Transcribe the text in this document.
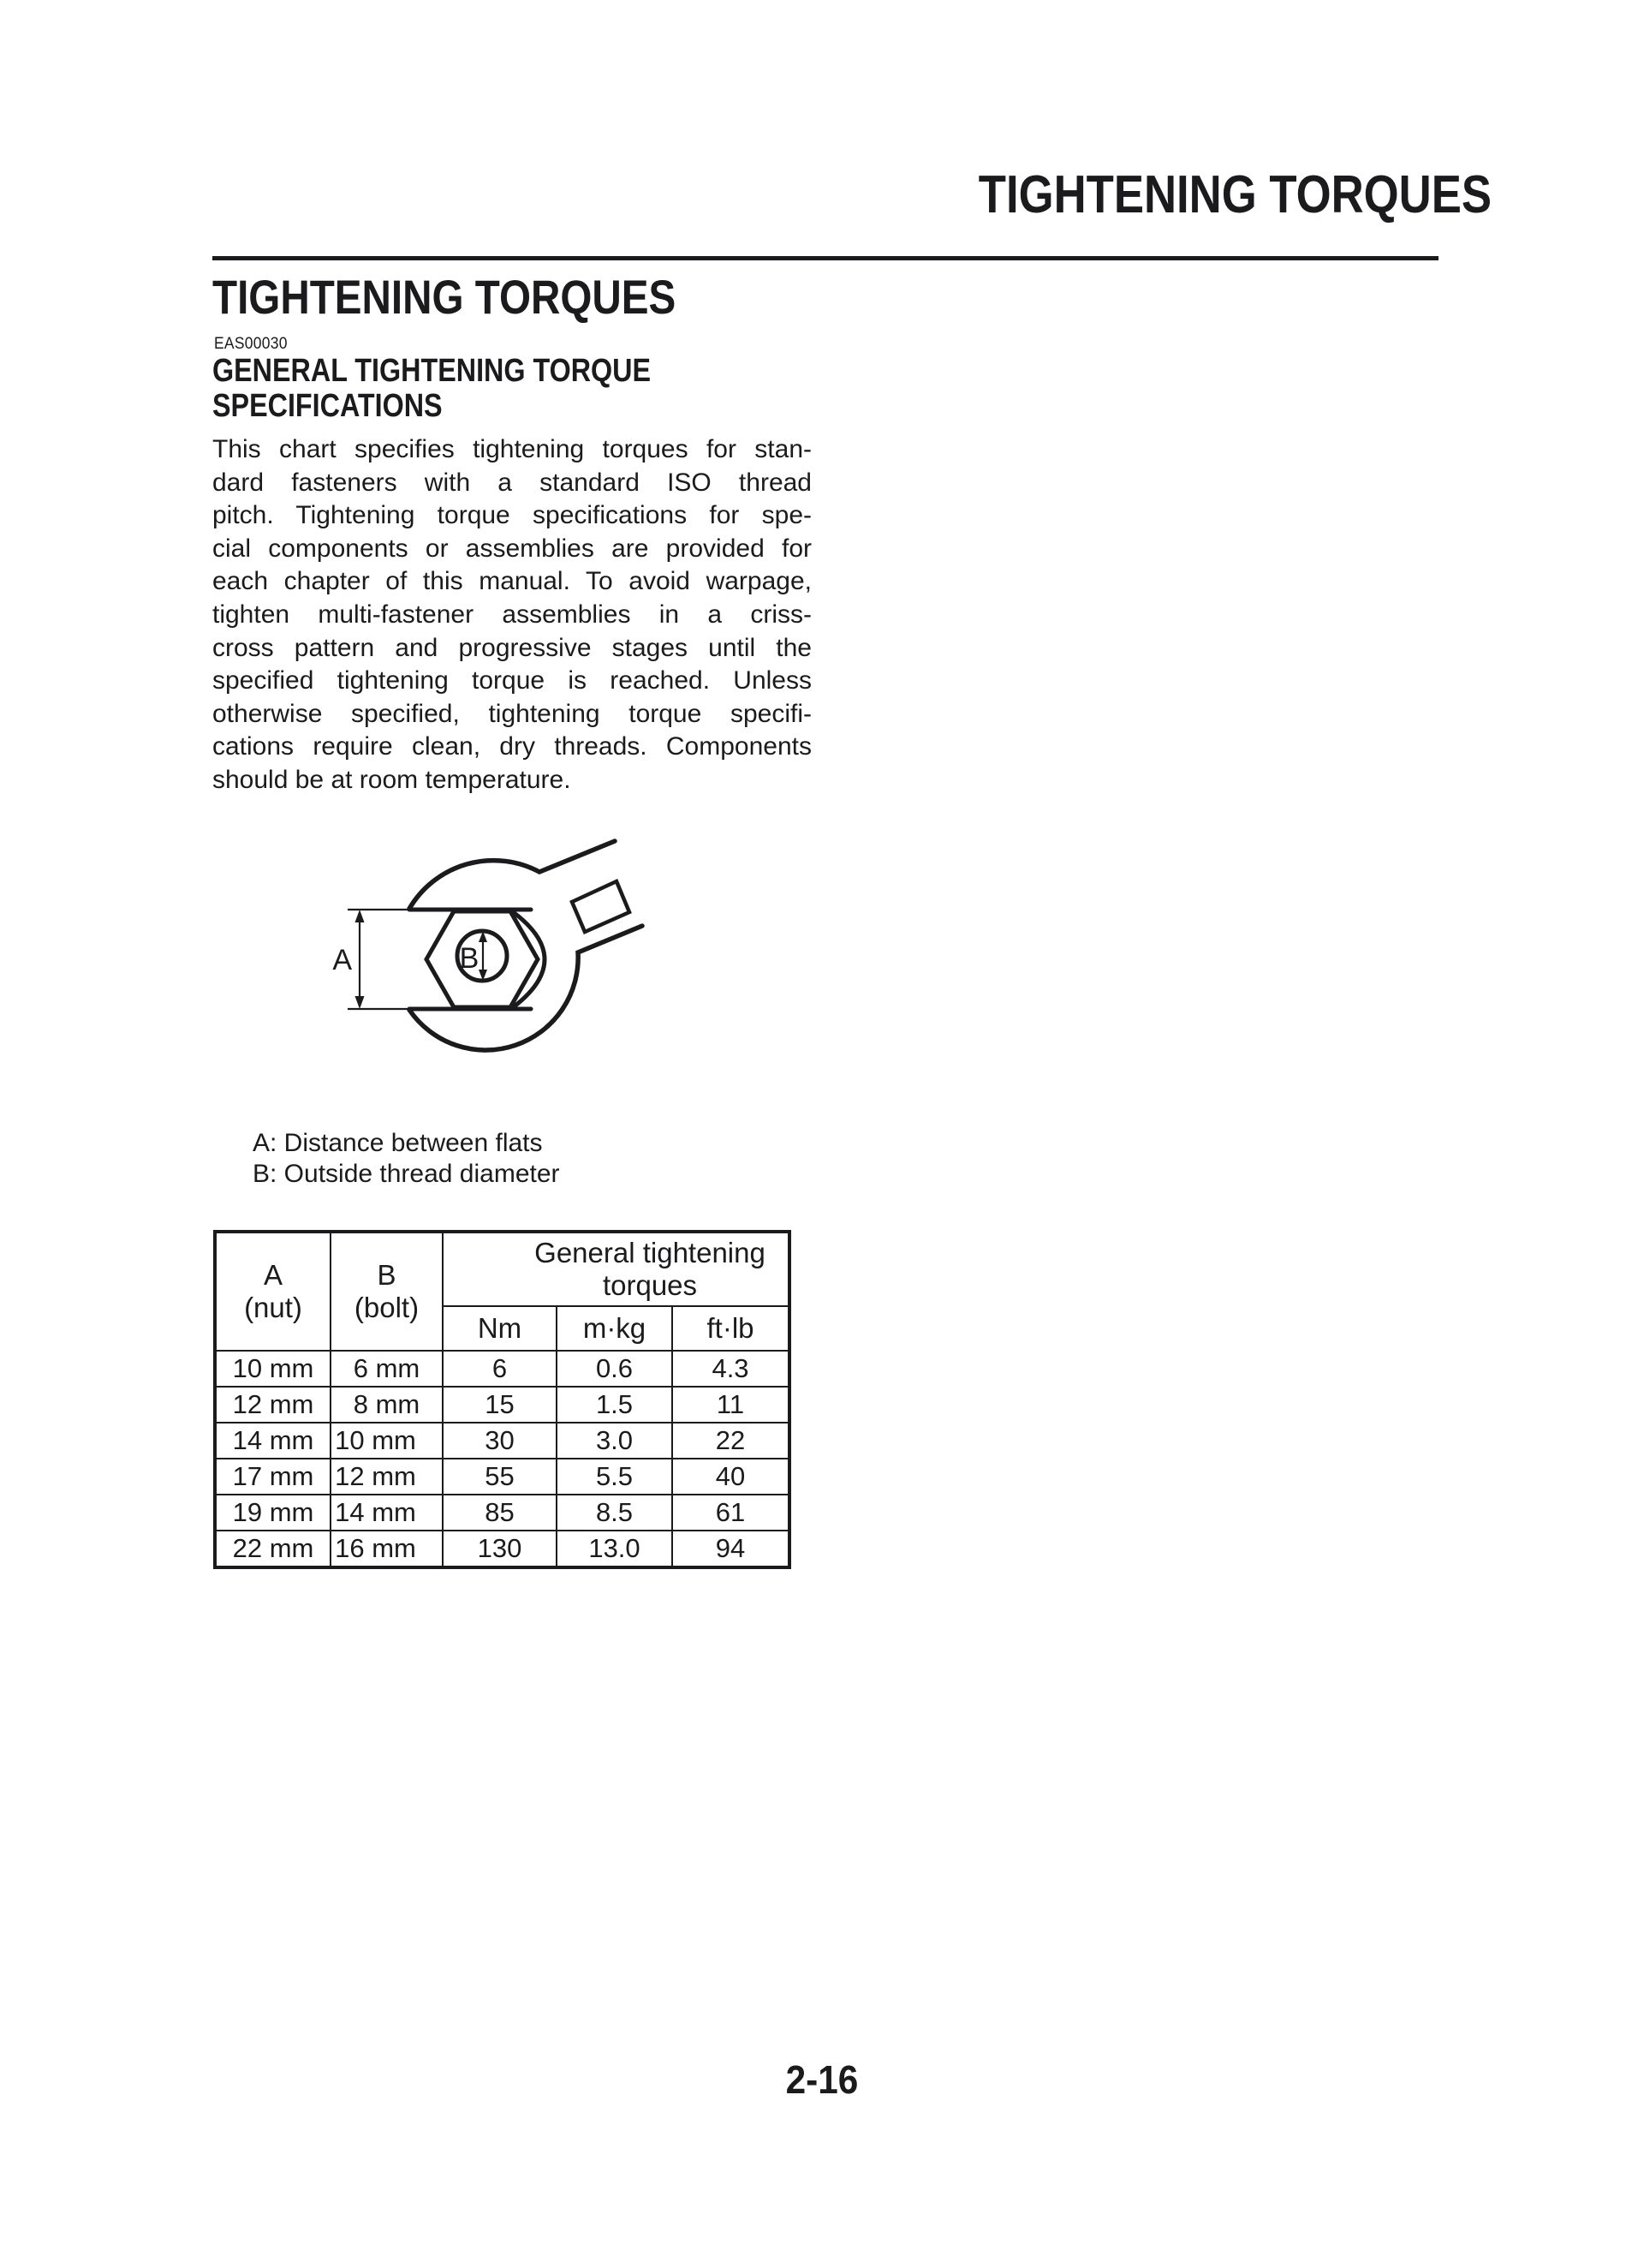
TIGHTENING TORQUES
TIGHTENING TORQUES
EAS00030
GENERAL TIGHTENING TORQUE
SPECIFICATIONS
This chart specifies tightening torques for stan-
dard fasteners with a standard ISO thread
pitch. Tightening torque specifications for spe-
cial components or assemblies are provided for
each chapter of this manual. To avoid warpage,
tighten multi-fastener assemblies in a criss-
cross pattern and progressive stages until the
specified tightening torque is reached. Unless
otherwise specified, tightening torque specifi-
cations require clean, dry threads. Components
should be at room temperature.
A	B
A: Distance between flats
B: Outside thread diameter
A
(nut)

B
(bolt)

General tightening
torques

		Nm	m·kg	ft·lb
10 mm	6 mm	6	0.6	4.3
12 mm	8 mm	15	1.5	11
14 mm	10 mm	30	3.0	22
17 mm	12 mm	55	5.5	40
19 mm	14 mm	85	8.5	61
22 mm	16 mm	130	13.0	94
2-16
